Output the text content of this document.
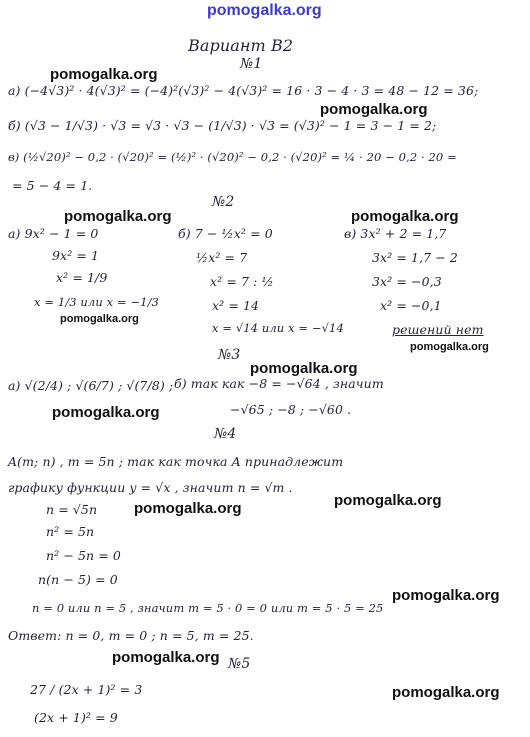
pomogalka.org
Вариант В2
№1
а) (−4√3)² · 4(√3)² = (−4)²(√3)² − 4(√3)² = 16 · 3 − 4 · 3 = 48 − 12 = 36;
б) (√3 − 1/√3) · √3 = √3 · √3 − (1/√3) · √3 = (√3)² − 1 = 3 − 1 = 2;
в) (½√20)² − 0,2 · (√20)² = (½)² · (√20)² − 0,2 · (√20)² = ¼ · 20 − 0,2 · 20 =
= 5 − 4 = 1.
№2
а) 9x² − 1 = 0
9x² = 1
x² = 1/9
x = 1/3 или x = −1/3
б) 7 − ½x² = 0
½x² = 7
x² = 7 : ½
x² = 14
x = √14 или x = −√14
в) 3x² + 2 = 1,7
3x² = 1,7 − 2
3x² = −0,3
x² = −0,1
решений нет
№3
а) √(2/4) ; √(6/7) ; √(7/8) ; б) так как −8 = −√64 , значит
−√65 ; −8 ; −√60 .
№4
A(m; n) , m = 5n ; так как точка A принадлежит
графику функции y = √x , значит n = √m .
n = √5n
n² = 5n
n² − 5n = 0
n(n − 5) = 0
n = 0 или n = 5 , значит m = 5 · 0 = 0 или m = 5 · 5 = 25
Ответ: n = 0, m = 0 ; n = 5, m = 25.
№5
27 / (2x + 1)² = 3
(2x + 1)² = 9
pomogalka.org
pomogalka.org
pomogalka.org	pomogalka.org
pomogalka.org
pomogalka.org
pomogalka.org
pomogalka.org
pomogalka.org
pomogalka.org
pomogalka.org
pomogalka.org
pomogalka.org
